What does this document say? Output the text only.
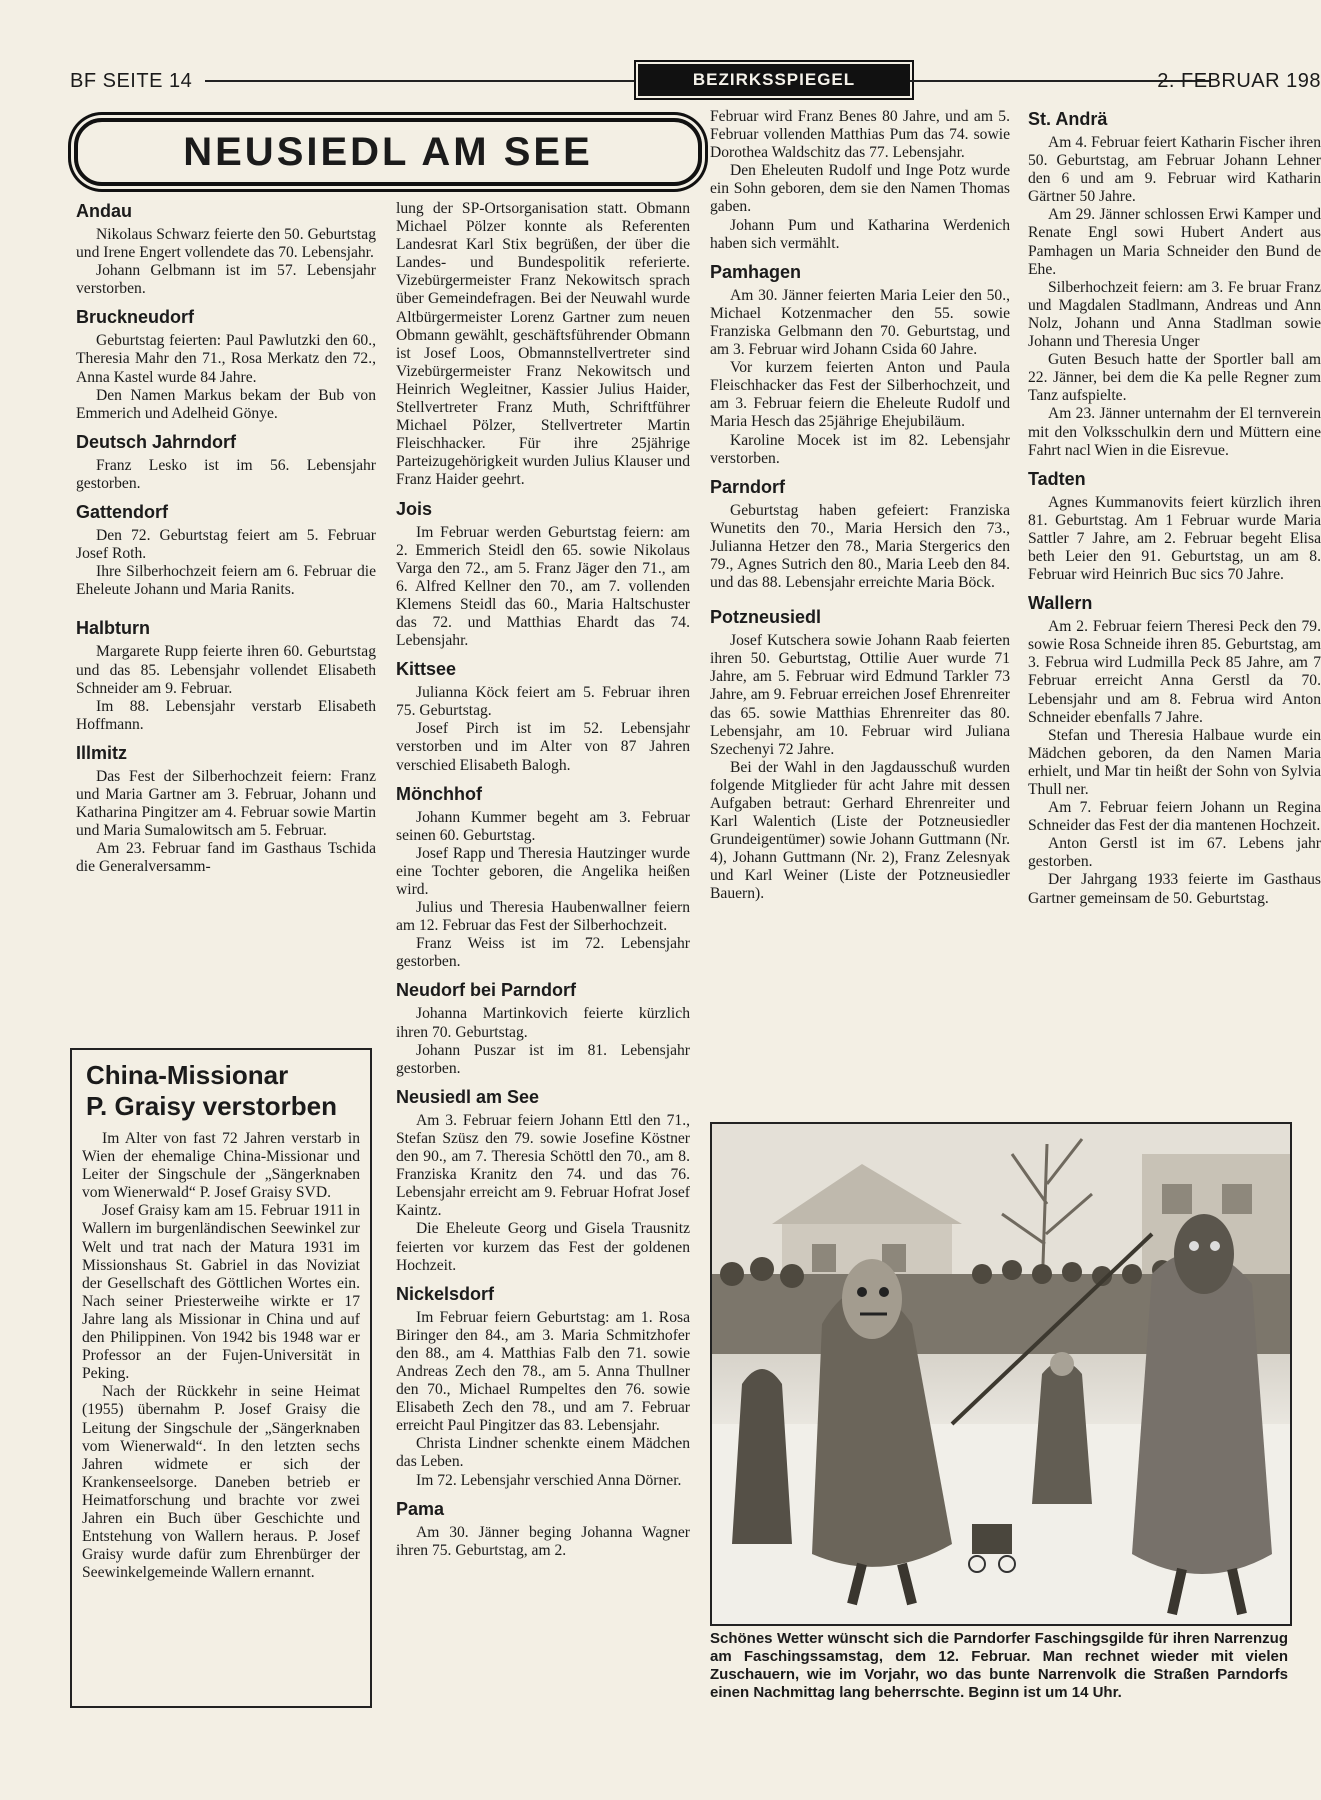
BF SEITE 14	BEZIRKSSPIEGEL	2. FEBRUAR 198
NEUSIEDL AM SEE
Andau

Nikolaus Schwarz feierte den 50. Geburtstag und Irene Engert vollendete das 70. Lebensjahr.

Johann Gelbmann ist im 57. Lebensjahr verstorben.

Bruckneudorf

Geburtstag feierten: Paul Pawlutzki den 60., Theresia Mahr den 71., Rosa Merkatz den 72., Anna Kastel wurde 84 Jahre.

Den Namen Markus bekam der Bub von Emmerich und Adelheid Gönye.

Deutsch Jahrndorf

Franz Lesko ist im 56. Lebensjahr gestorben.

Gattendorf

Den 72. Geburtstag feiert am 5. Februar Josef Roth.

Ihre Silberhochzeit feiern am 6. Februar die Eheleute Johann und Maria Ranits.

Halbturn

Margarete Rupp feierte ihren 60. Geburtstag und das 85. Lebensjahr vollendet Elisabeth Schneider am 9. Februar.

Im 88. Lebensjahr verstarb Elisabeth Hoffmann.

Illmitz

Das Fest der Silberhochzeit feiern: Franz und Maria Gartner am 3. Februar, Johann und Katharina Pingitzer am 4. Februar sowie Martin und Maria Sumalowitsch am 5. Februar.

Am 23. Februar fand im Gasthaus Tschida die Generalversamm-

China-Missionar
P. Graisy verstorben

Im Alter von fast 72 Jahren verstarb in Wien der ehemalige China-Missionar und Leiter der Singschule der „Sängerknaben vom Wienerwald“ P. Josef Graisy SVD.

Josef Graisy kam am 15. Februar 1911 in Wallern im burgenländischen Seewinkel zur Welt und trat nach der Matura 1931 im Missionshaus St. Gabriel in das Noviziat der Gesellschaft des Göttlichen Wortes ein. Nach seiner Priesterweihe wirkte er 17 Jahre lang als Missionar in China und auf den Philippinen. Von 1942 bis 1948 war er Professor an der Fujen-Universität in Peking.

Nach der Rückkehr in seine Heimat (1955) übernahm P. Josef Graisy die Leitung der Singschule der „Sängerknaben vom Wienerwald“. In den letzten sechs Jahren widmete er sich der Krankenseelsorge. Daneben betrieb er Heimatforschung und brachte vor zwei Jahren ein Buch über Geschichte und Entstehung von Wallern heraus. P. Josef Graisy wurde dafür zum Ehrenbürger der Seewinkelgemeinde Wallern ernannt.

lung der SP-Ortsorganisation statt. Obmann Michael Pölzer konnte als Referenten Landesrat Karl Stix begrüßen, der über die Landes- und Bundespolitik referierte. Vizebürgermeister Franz Nekowitsch sprach über Gemeindefragen. Bei der Neuwahl wurde Altbürgermeister Lorenz Gartner zum neuen Obmann gewählt, geschäftsführender Obmann ist Josef Loos, Obmannstellvertreter sind Vizebürgermeister Franz Nekowitsch und Heinrich Wegleitner, Kassier Julius Haider, Stellvertreter Franz Muth, Schriftführer Michael Pölzer, Stellvertreter Martin Fleischhacker. Für ihre 25jährige Parteizugehörigkeit wurden Julius Klauser und Franz Haider geehrt.

Jois

Im Februar werden Geburtstag feiern: am 2. Emmerich Steidl den 65. sowie Nikolaus Varga den 72., am 5. Franz Jäger den 71., am 6. Alfred Kellner den 70., am 7. vollenden Klemens Steidl das 60., Maria Haltschuster das 72. und Matthias Ehardt das 74. Lebensjahr.

Kittsee

Julianna Köck feiert am 5. Februar ihren 75. Geburtstag.

Josef Pirch ist im 52. Lebensjahr verstorben und im Alter von 87 Jahren verschied Elisabeth Balogh.

Mönchhof

Johann Kummer begeht am 3. Februar seinen 60. Geburtstag.

Josef Rapp und Theresia Hautzinger wurde eine Tochter geboren, die Angelika heißen wird.

Julius und Theresia Haubenwallner feiern am 12. Februar das Fest der Silberhochzeit.

Franz Weiss ist im 72. Lebensjahr gestorben.

Neudorf bei Parndorf

Johanna Martinkovich feierte kürzlich ihren 70. Geburtstag.

Johann Puszar ist im 81. Lebensjahr gestorben.

Neusiedl am See

Am 3. Februar feiern Johann Ettl den 71., Stefan Szüsz den 79. sowie Josefine Köstner den 90., am 7. Theresia Schöttl den 70., am 8. Franziska Kranitz den 74. und das 76. Lebensjahr erreicht am 9. Februar Hofrat Josef Kaintz.

Die Eheleute Georg und Gisela Trausnitz feierten vor kurzem das Fest der goldenen Hochzeit.

Nickelsdorf

Im Februar feiern Geburtstag: am 1. Rosa Biringer den 84., am 3. Maria Schmitzhofer den 88., am 4. Matthias Falb den 71. sowie Andreas Zech den 78., am 5. Anna Thullner den 70., Michael Rumpeltes den 76. sowie Elisabeth Zech den 78., und am 7. Februar erreicht Paul Pingitzer das 83. Lebensjahr.

Christa Lindner schenkte einem Mädchen das Leben.

Im 72. Lebensjahr verschied Anna Dörner.

Pama

Am 30. Jänner beging Johanna Wagner ihren 75. Geburtstag, am 2.

Februar wird Franz Benes 80 Jahre, und am 5. Februar vollenden Matthias Pum das 74. sowie Dorothea Waldschitz das 77. Lebensjahr.

Den Eheleuten Rudolf und Inge Potz wurde ein Sohn geboren, dem sie den Namen Thomas gaben.

Johann Pum und Katharina Werdenich haben sich vermählt.

Pamhagen

Am 30. Jänner feierten Maria Leier den 50., Michael Kotzenmacher den 55. sowie Franziska Gelbmann den 70. Geburtstag, und am 3. Februar wird Johann Csida 60 Jahre.

Vor kurzem feierten Anton und Paula Fleischhacker das Fest der Silberhochzeit, und am 3. Februar feiern die Eheleute Rudolf und Maria Hesch das 25jährige Ehejubiläum.

Karoline Mocek ist im 82. Lebensjahr verstorben.

Parndorf

Geburtstag haben gefeiert: Franziska Wunetits den 70., Maria Hersich den 73., Julianna Hetzer den 78., Maria Stergerics den 79., Agnes Sutrich den 80., Maria Leeb den 84. und das 88. Lebensjahr erreichte Maria Böck.

Potzneusiedl

Josef Kutschera sowie Johann Raab feierten ihren 50. Geburtstag, Ottilie Auer wurde 71 Jahre, am 5. Februar wird Edmund Tarkler 73 Jahre, am 9. Februar erreichen Josef Ehrenreiter das 65. sowie Matthias Ehrenreiter das 80. Lebensjahr, am 10. Februar wird Juliana Szechenyi 72 Jahre.

Bei der Wahl in den Jagdausschuß wurden folgende Mitglieder für acht Jahre mit dessen Aufgaben betraut: Gerhard Ehrenreiter und Karl Walentich (Liste der Potzneusiedler Grundeigentümer) sowie Johann Guttmann (Nr. 4), Johann Guttmann (Nr. 2), Franz Zelesnyak und Karl Weiner (Liste der Potzneusiedler Bauern).

St. Andrä

Am 4. Februar feiert Katharin Fischer ihren 50. Geburtstag, am Februar Johann Lehner den 6 und am 9. Februar wird Katharin Gärtner 50 Jahre.

Am 29. Jänner schlossen Erwi Kamper und Renate Engl sowi Hubert Andert aus Pamhagen un Maria Schneider den Bund de Ehe.

Silberhochzeit feiern: am 3. Fe bruar Franz und Magdalen Stadlmann, Andreas und Ann Nolz, Johann und Anna Stadlman sowie Johann und Theresia Unger

Guten Besuch hatte der Sportler ball am 22. Jänner, bei dem die Ka pelle Regner zum Tanz aufspielte.

Am 23. Jänner unternahm der El ternverein mit den Volksschulkin dern und Müttern eine Fahrt nacl Wien in die Eisrevue.

Tadten

Agnes Kummanovits feiert kürzlich ihren 81. Geburtstag. Am 1 Februar wurde Maria Sattler 7 Jahre, am 2. Februar begeht Elisa beth Leier den 91. Geburtstag, un am 8. Februar wird Heinrich Buc sics 70 Jahre.

Wallern

Am 2. Februar feiern Theresi Peck den 79. sowie Rosa Schneide ihren 85. Geburtstag, am 3. Februa wird Ludmilla Peck 85 Jahre, am 7 Februar erreicht Anna Gerstl da 70. Lebensjahr und am 8. Februa wird Anton Schneider ebenfalls 7 Jahre.

Stefan und Theresia Halbaue wurde ein Mädchen geboren, da den Namen Maria erhielt, und Mar tin heißt der Sohn von Sylvia Thull ner.

Am 7. Februar feiern Johann un Regina Schneider das Fest der dia mantenen Hochzeit.

Anton Gerstl ist im 67. Lebens jahr gestorben.

Der Jahrgang 1933 feierte im Gasthaus Gartner gemeinsam de 50. Geburtstag.

Schönes Wetter wünscht sich die Parndorfer Faschingsgilde für ihren Narrenzug am Faschingssamstag, dem 12. Februar. Man rechnet wieder mit vielen Zuschauern, wie im Vorjahr, wo das bunte Narrenvolk die Straßen Parndorfs einen Nachmittag lang beherrschte. Beginn ist um 14 Uhr.
